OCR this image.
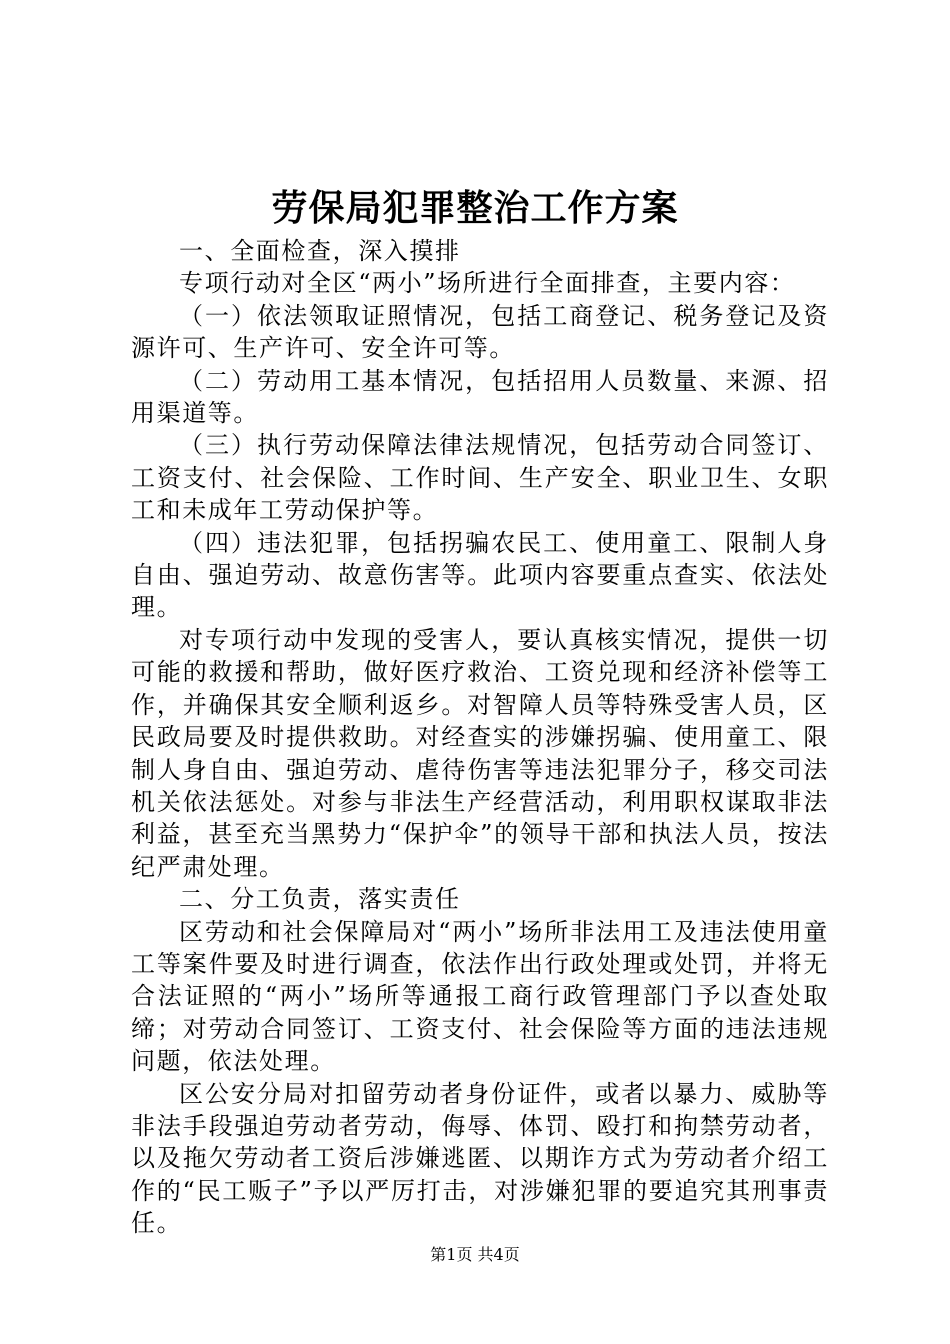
劳保局犯罪整治工作方案

一、全面检查，深入摸排

专项行动对全区“两小”场所进行全面排查，主要内容：

（一）依法领取证照情况，包括工商登记、税务登记及资源许可、生产许可、安全许可等。

（二）劳动用工基本情况，包括招用人员数量、来源、招用渠道等。

（三）执行劳动保障法律法规情况，包括劳动合同签订、工资支付、社会保险、工作时间、生产安全、职业卫生、女职工和未成年工劳动保护等。

（四）违法犯罪，包括拐骗农民工、使用童工、限制人身自由、强迫劳动、故意伤害等。此项内容要重点查实、依法处理。

对专项行动中发现的受害人，要认真核实情况，提供一切可能的救援和帮助，做好医疗救治、工资兑现和经济补偿等工作，并确保其安全顺利返乡。对智障人员等特殊受害人员，区民政局要及时提供救助。对经查实的涉嫌拐骗、使用童工、限制人身自由、强迫劳动、虐待伤害等违法犯罪分子，移交司法机关依法惩处。对参与非法生产经营活动，利用职权谋取非法利益，甚至充当黑势力“保护伞”的领导干部和执法人员，按法纪严肃处理。

二、分工负责，落实责任

区劳动和社会保障局对“两小”场所非法用工及违法使用童工等案件要及时进行调查，依法作出行政处理或处罚，并将无合法证照的“两小”场所等通报工商行政管理部门予以查处取缔；对劳动合同签订、工资支付、社会保险等方面的违法违规问题，依法处理。

区公安分局对扣留劳动者身份证件，或者以暴力、威胁等非法手段强迫劳动者劳动，侮辱、体罚、殴打和拘禁劳动者，以及拖欠劳动者工资后涉嫌逃匿、以期诈方式为劳动者介绍工作的“民工贩子”予以严厉打击，对涉嫌犯罪的要追究其刑事责任。

第1页 共4页
